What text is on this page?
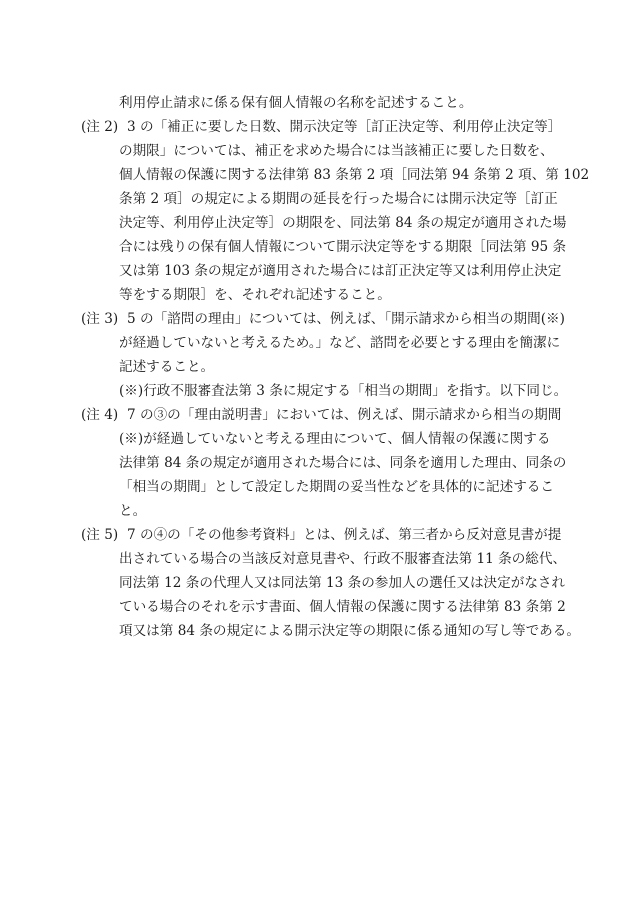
利用停止請求に係る保有個人情報の名称を記述すること。
(注 2) 3 の「補正に要した日数、開示決定等［訂正決定等、利用停止決定等］
の期限」については、補正を求めた場合には当該補正に要した日数を、
個人情報の保護に関する法律第 83 条第 2 項［同法第 94 条第 2 項、第 102
条第 2 項］の規定による期間の延長を行った場合には開示決定等［訂正
決定等、利用停止決定等］の期限を、同法第 84 条の規定が適用された場
合には残りの保有個人情報について開示決定等をする期限［同法第 95 条
又は第 103 条の規定が適用された場合には訂正決定等又は利用停止決定
等をする期限］を、それぞれ記述すること。
(注 3) 5 の「諮問の理由」については、例えば、「開示請求から相当の期間(※)
が経過していないと考えるため。」など、諮問を必要とする理由を簡潔に
記述すること。
(※)行政不服審査法第 3 条に規定する「相当の期間」を指す。以下同じ。
(注 4) 7 の③の「理由説明書」においては、例えば、開示請求から相当の期間
(※)が経過していないと考える理由について、個人情報の保護に関する
法律第 84 条の規定が適用された場合には、同条を適用した理由、同条の
「相当の期間」として設定した期間の妥当性などを具体的に記述するこ
と。
(注 5) 7 の④の「その他参考資料」とは、例えば、第三者から反対意見書が提
出されている場合の当該反対意見書や、行政不服審査法第 11 条の総代、
同法第 12 条の代理人又は同法第 13 条の参加人の選任又は決定がなされ
ている場合のそれを示す書面、個人情報の保護に関する法律第 83 条第 2
項又は第 84 条の規定による開示決定等の期限に係る通知の写し等である。
